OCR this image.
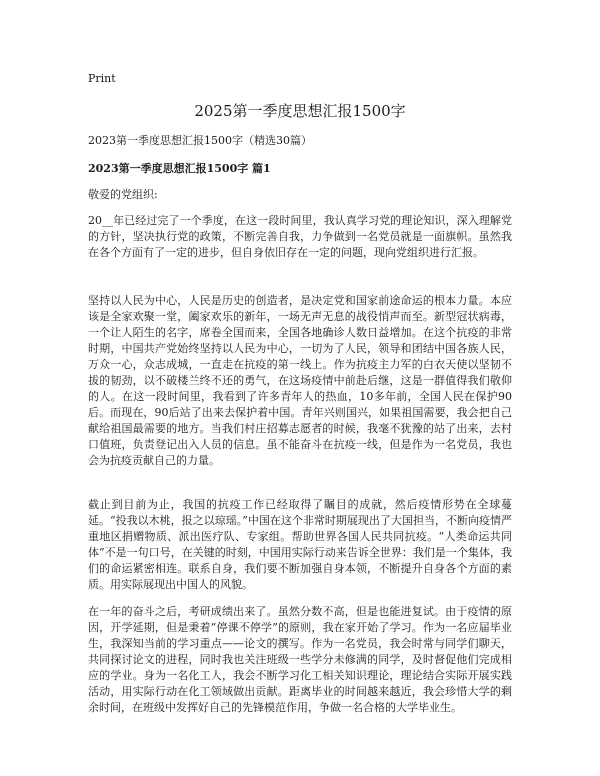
Print
2025第一季度思想汇报1500字
2023第一季度思想汇报1500字（精选30篇）
2023第一季度思想汇报1500字 篇1
敬爱的党组织:

20__年已经过完了一个季度，在这一段时间里，我认真学习党的理论知识，深入理解党的方针，坚决执行党的政策，不断完善自我，力争做到一名党员就是一面旗帜。虽然我在各个方面有了一定的进步，但自身依旧存在一定的问题，现向党组织进行汇报。

坚持以人民为中心，人民是历史的创造者，是决定党和国家前途命运的根本力量。本应该是全家欢聚一堂，阖家欢乐的新年，一场无声无息的战役悄声而至。新型冠状病毒，一个让人陌生的名字，席卷全国而来，全国各地确诊人数日益增加。在这个抗疫的非常时期，中国共产党始终坚持以人民为中心，一切为了人民，领导和团结中国各族人民，万众一心，众志成城，一直走在抗疫的第一线上。作为抗疫主力军的白衣天使以坚韧不拔的韧劲，以不破楼兰终不还的勇气，在这场疫情中前赴后继，这是一群值得我们敬仰的人。在这一段时间里，我看到了许多青年人的热血，10多年前，全国人民在保护90后。而现在，90后站了出来去保护着中国。青年兴则国兴，如果祖国需要，我会把自己献给祖国最需要的地方。当我们村庄招募志愿者的时候，我毫不犹豫的站了出来，去村口值班，负责登记出入人员的信息。虽不能奋斗在抗疫一线，但是作为一名党员，我也会为抗疫贡献自己的力量。

截止到目前为止，我国的抗疫工作已经取得了瞩目的成就，然后疫情形势在全球蔓延。“投我以木桃，报之以琼瑶。”中国在这个非常时期展现出了大国担当，不断向疫情严重地区捐赠物质、派出医疗队、专家组。帮助世界各国人民共同抗疫。“人类命运共同体”不是一句口号，在关键的时刻，中国用实际行动来告诉全世界：我们是一个集体，我们的命运紧密相连。联系自身，我们要不断加强自身本领，不断提升自身各个方面的素质。用实际展现出中国人的风貌。

在一年的奋斗之后，考研成绩出来了。虽然分数不高，但是也能进复试。由于疫情的原因，开学延期，但是秉着“停课不停学”的原则，我在家开始了学习。作为一名应届毕业生，我深知当前的学习重点——论文的撰写。作为一名党员，我会时常与同学们聊天，共同探讨论文的进程，同时我也关注班级一些学分未修满的同学，及时督促他们完成相应的学业。身为一名化工人，我会不断学习化工相关知识理论，理论结合实际开展实践活动，用实际行动在化工领域做出贡献。距离毕业的时间越来越近，我会珍惜大学的剩余时间，在班级中发挥好自己的先锋模范作用，争做一名合格的大学毕业生。
